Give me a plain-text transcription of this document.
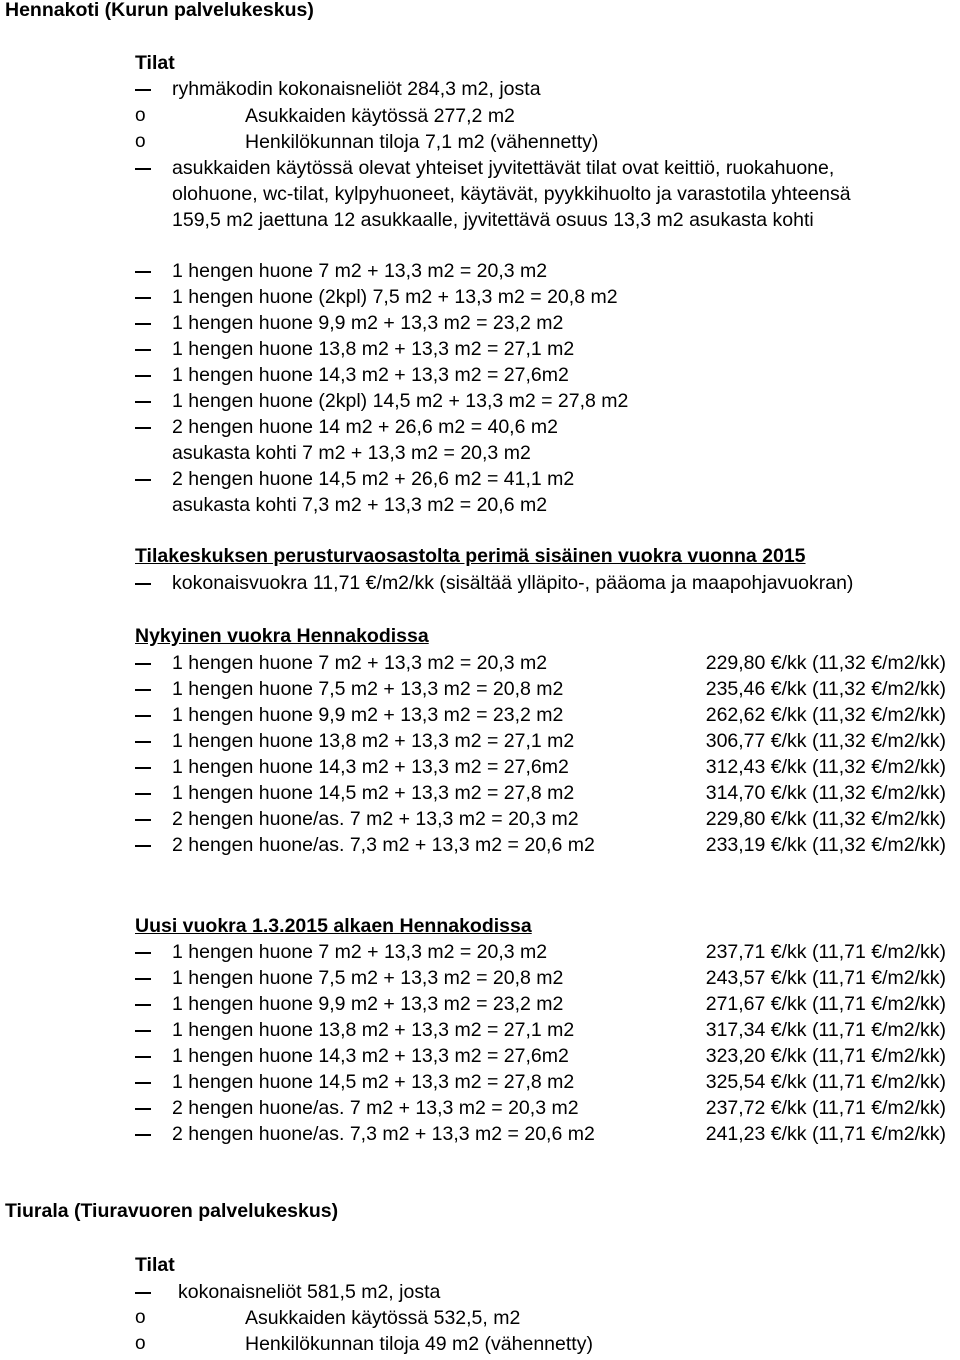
Hennakoti (Kurun palvelukeskus)
Tilat
ryhmäkodin kokonaisneliöt 284,3 m2, josta
o	Asukkaiden käytössä 277,2 m2
o	Henkilökunnan tiloja 7,1 m2 (vähennetty)
asukkaiden käytössä olevat yhteiset jyvitettävät tilat ovat keittiö, ruokahuone,
olohuone, wc-tilat, kylpyhuoneet, käytävät, pyykkihuolto ja varastotila yhteensä
159,5 m2 jaettuna 12 asukkaalle, jyvitettävä osuus 13,3 m2 asukasta kohti
1 hengen huone 7 m2 + 13,3 m2 = 20,3 m2
1 hengen huone (2kpl) 7,5 m2 + 13,3 m2 = 20,8 m2
1 hengen huone 9,9 m2 + 13,3 m2 = 23,2 m2
1 hengen huone 13,8 m2 + 13,3 m2 = 27,1 m2
1 hengen huone 14,3 m2 + 13,3 m2 = 27,6m2
1 hengen huone (2kpl) 14,5 m2 + 13,3 m2 = 27,8 m2
2 hengen huone 14 m2 + 26,6 m2 = 40,6 m2
asukasta kohti 7 m2 + 13,3 m2 = 20,3 m2
2 hengen huone 14,5 m2 + 26,6 m2 = 41,1 m2
asukasta kohti 7,3 m2 + 13,3 m2 = 20,6 m2
Tilakeskuksen perusturvaosastolta perimä sisäinen vuokra vuonna 2015
kokonaisvuokra 11,71 €/m2/kk (sisältää ylläpito-, pääoma ja maapohjavuokran)
Nykyinen vuokra Hennakodissa
1 hengen huone 7 m2 + 13,3 m2 = 20,3 m2	229,80 €/kk (11,32 €/m2/kk)
1 hengen huone 7,5 m2 + 13,3 m2 = 20,8 m2	235,46 €/kk (11,32 €/m2/kk)
1 hengen huone 9,9 m2 + 13,3 m2 = 23,2 m2	262,62 €/kk (11,32 €/m2/kk)
1 hengen huone 13,8 m2 + 13,3 m2 = 27,1 m2	306,77 €/kk (11,32 €/m2/kk)
1 hengen huone 14,3 m2 + 13,3 m2 = 27,6m2	312,43 €/kk (11,32 €/m2/kk)
1 hengen huone 14,5 m2 + 13,3 m2 = 27,8 m2	314,70 €/kk (11,32 €/m2/kk)
2 hengen huone/as. 7 m2 + 13,3 m2 = 20,3 m2	229,80 €/kk (11,32 €/m2/kk)
2 hengen huone/as. 7,3 m2 + 13,3 m2 = 20,6 m2	233,19 €/kk (11,32 €/m2/kk)
Uusi vuokra 1.3.2015 alkaen Hennakodissa
1 hengen huone 7 m2 + 13,3 m2 = 20,3 m2	237,71 €/kk (11,71 €/m2/kk)
1 hengen huone 7,5 m2 + 13,3 m2 = 20,8 m2	243,57 €/kk (11,71 €/m2/kk)
1 hengen huone 9,9 m2 + 13,3 m2 = 23,2 m2	271,67 €/kk (11,71 €/m2/kk)
1 hengen huone 13,8 m2 + 13,3 m2 = 27,1 m2	317,34 €/kk (11,71 €/m2/kk)
1 hengen huone 14,3 m2 + 13,3 m2 = 27,6m2	323,20 €/kk (11,71 €/m2/kk)
1 hengen huone 14,5 m2 + 13,3 m2 = 27,8 m2	325,54 €/kk (11,71 €/m2/kk)
2 hengen huone/as. 7 m2 + 13,3 m2 = 20,3 m2	237,72 €/kk (11,71 €/m2/kk)
2 hengen huone/as. 7,3 m2 + 13,3 m2 = 20,6 m2	241,23 €/kk (11,71 €/m2/kk)
Tiurala (Tiuravuoren palvelukeskus)
Tilat
kokonaisneliöt 581,5 m2, josta
o	Asukkaiden käytössä 532,5, m2
o	Henkilökunnan tiloja 49 m2 (vähennetty)
